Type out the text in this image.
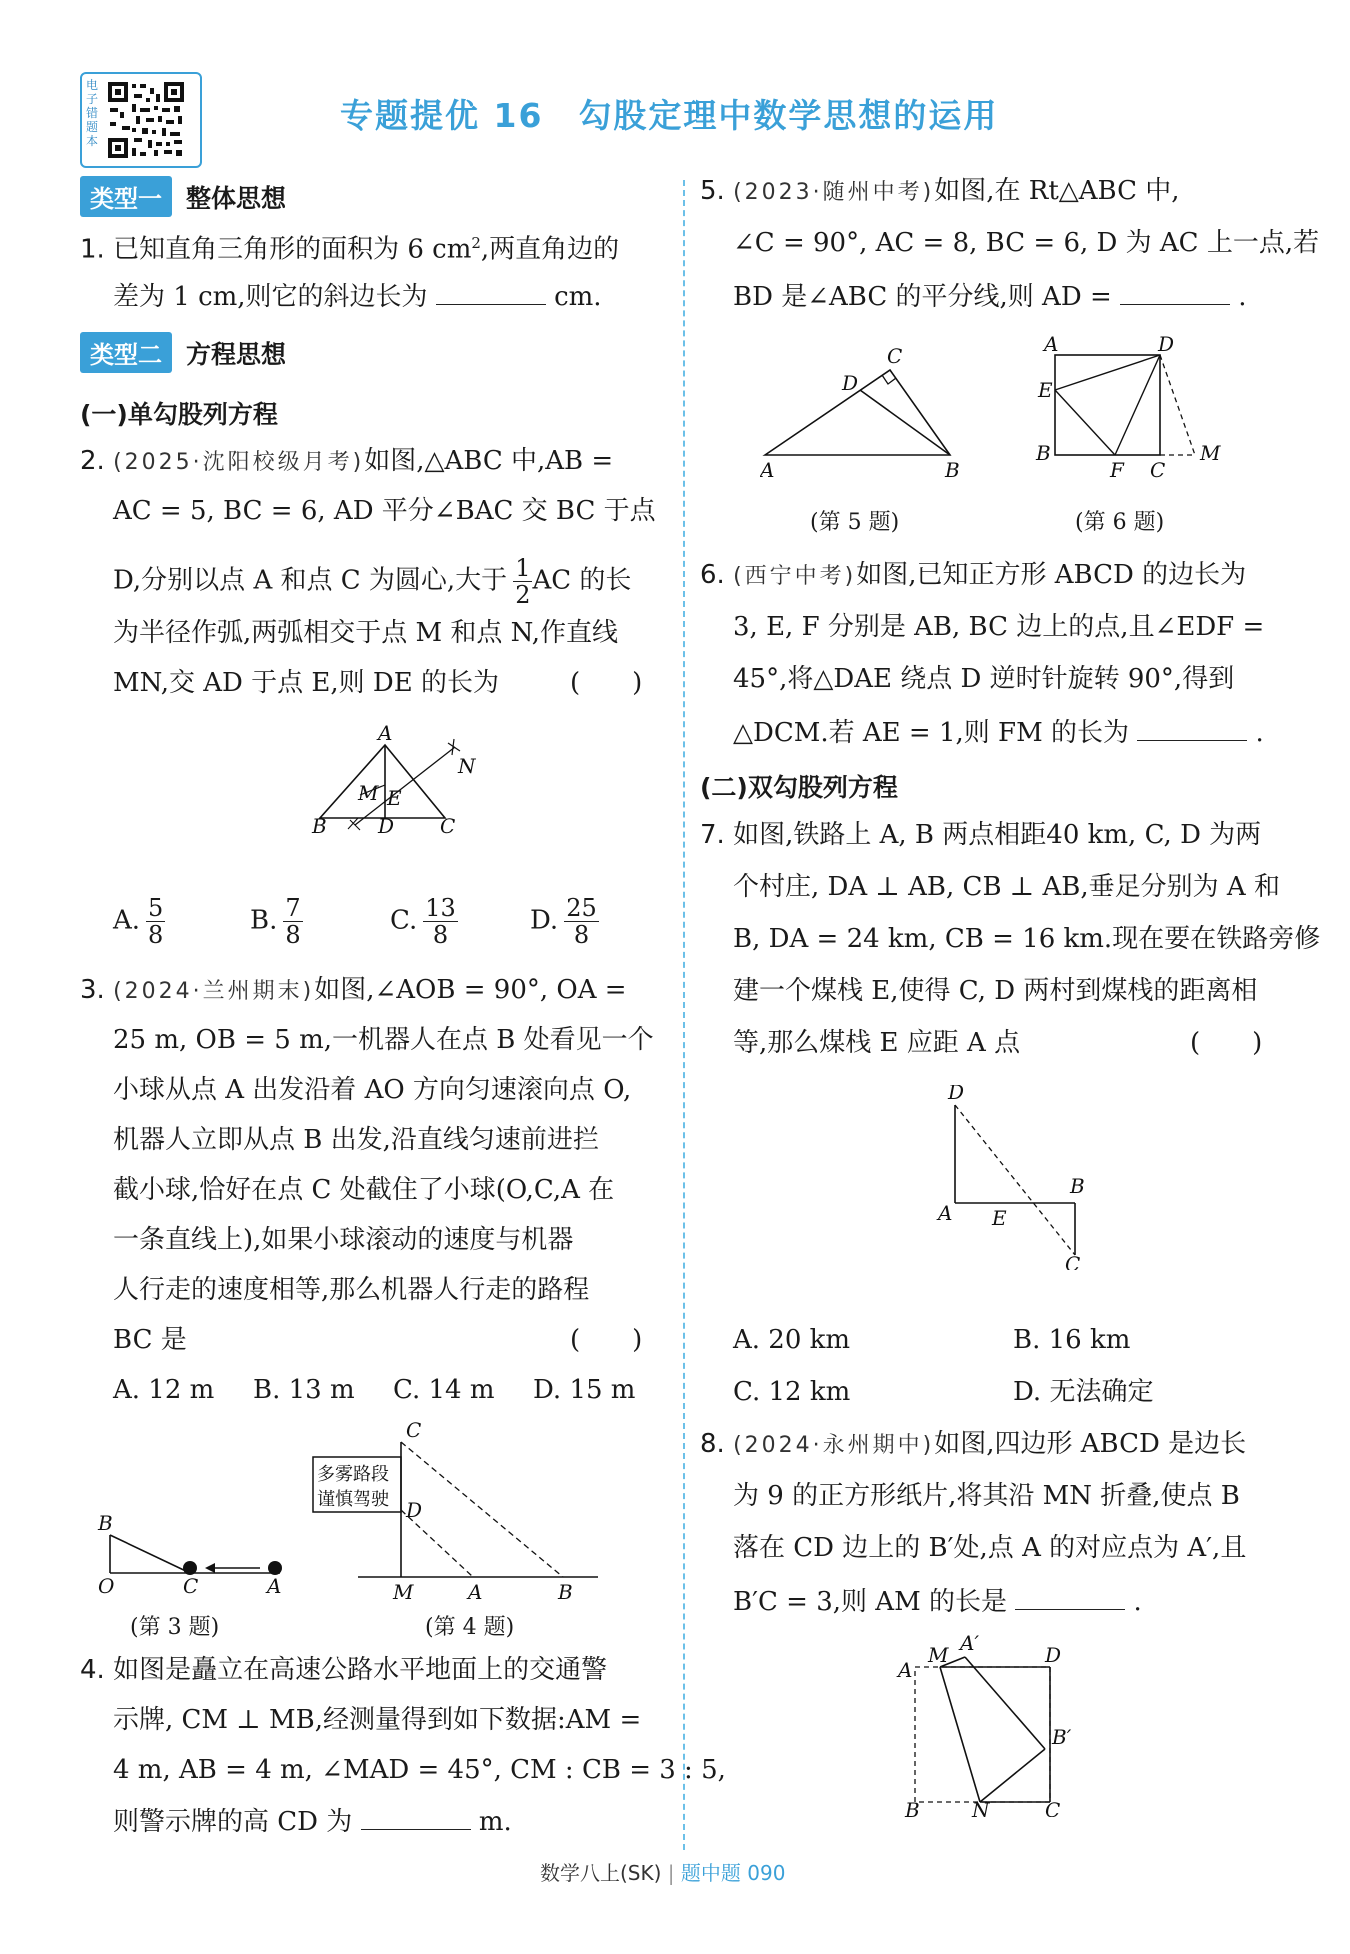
电子错题本
专题提优 16　勾股定理中数学思想的运用
类型一 整体思想
1. 已知直角三角形的面积为 6 $cm^2$,两直角边的
差为 1 cm,则它的斜边长为	cm.
类型二 方程思想
(一)单勾股列方程
2. (2025·沈阳校级月考)如图,△ABC 中,AB =
AC = 5, BC = 6, AD 平分∠BAC 交 BC 于点
D,分别以点 A 和点 C 为圆心,大于 $\frac{1}{2}$ AC 的长
为半径作弧,两弧相交于点 M 和点 N,作直线
MN,交 AD 于点 E,则 DE 的长为	(　　)
A
B	D C
M E
N
A. $\frac{5}{8}$	B. $\frac{7}{8}$	C. $\frac{13}{8}$	D. $\frac{25}{8}$
3. (2024·兰州期末)如图,∠AOB = 90°, OA =
25 m, OB = 5 m,一机器人在点 B 处看见一个
小球从点 A 出发沿着 AO 方向匀速滚向点 O,
机器人立即从点 B 出发,沿直线匀速前进拦
截小球,恰好在点 C 处截住了小球(O,C,A 在
一条直线上),如果小球滚动的速度与机器
人行走的速度相等,那么机器人行走的路程
BC 是	(　　)
A. 12 m B. 13 m C. 14 m D. 15 m
B
O	C	A
(第 3 题)
多雾路段
谨慎驾驶
C
D
M	A	B
(第 4 题)
4. 如图是矗立在高速公路水平地面上的交通警
示牌, CM ⊥ MB,经测量得到如下数据:AM =
4 m, AB = 4 m, ∠MAD = 45°, CM : CB = 3 : 5,
则警示牌的高 CD 为	m.
5. (2023·随州中考)如图,在 Rt△ABC 中,
∠C = 90°, AC = 8, BC = 6, D 为 AC 上一点,若
BD 是∠ABC 的平分线,则 AD =	.
A	B
C
D
(第 5 题)
A	D
E
B
F C
M
(第 6 题)
6. (西宁中考)如图,已知正方形 ABCD 的边长为
3, E, F 分别是 AB, BC 边上的点,且∠EDF =
45°,将△DAE 绕点 D 逆时针旋转 90°,得到
△DCM.若 AE = 1,则 FM 的长为	.
(二)双勾股列方程
7. 如图,铁路上 A, B 两点相距40 km, C, D 为两
个村庄, DA ⊥ AB, CB ⊥ AB,垂足分别为 A 和
B, DA = 24 km, CB = 16 km.现在要在铁路旁修
建一个煤栈 E,使得 C, D 两村到煤栈的距离相
等,那么煤栈 E 应距 A 点	(　　)
D
A E
B
C
A. 20 km	B. 16 km
C. 12 km	D. 无法确定
8. (2024·永州期中)如图,四边形 ABCD 是边长
为 9 的正方形纸片,将其沿 MN 折叠,使点 B
落在 CD 边上的 B′处,点 A 的对应点为 A′,且
B′C = 3,则 AM 的长是	.
A
M A′	D
B′
B	N	C
数学八上(SK) | 题中题 090
